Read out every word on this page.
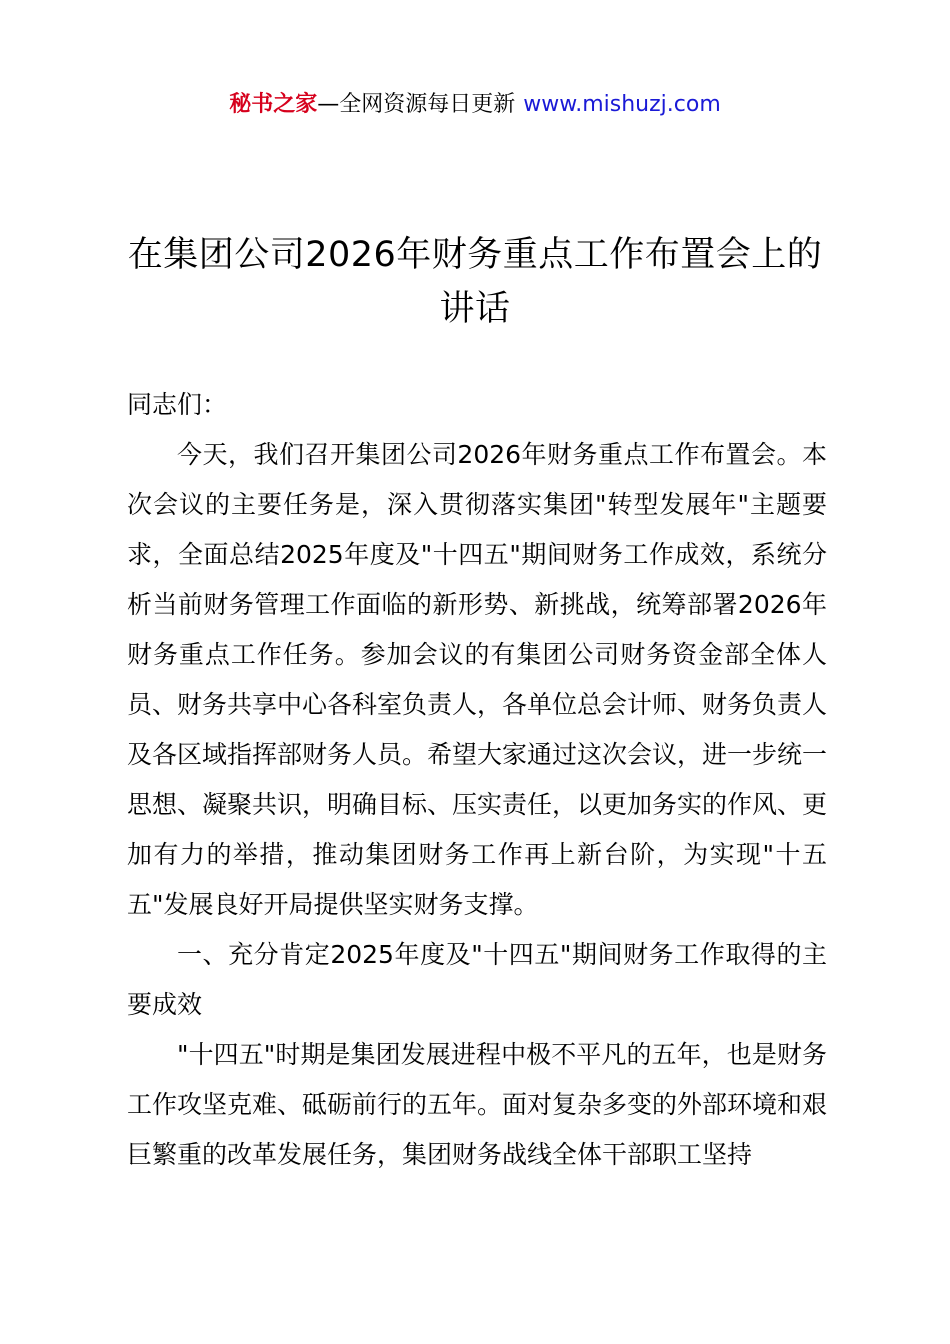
秘书之家—全网资源每日更新 www.mishuzj.com
在集团公司2026年财务重点工作布置会上的讲话

同志们：

今天，我们召开集团公司2026年财务重点工作布置会。本次会议的主要任务是，深入贯彻落实集团"转型发展年"主题要求，全面总结2025年度及"十四五"期间财务工作成效，系统分析当前财务管理工作面临的新形势、新挑战，统筹部署2026年财务重点工作任务。参加会议的有集团公司财务资金部全体人员、财务共享中心各科室负责人，各单位总会计师、财务负责人及各区域指挥部财务人员。希望大家通过这次会议，进一步统一思想、凝聚共识，明确目标、压实责任，以更加务实的作风、更加有力的举措，推动集团财务工作再上新台阶，为实现"十五五"发展良好开局提供坚实财务支撑。

一、充分肯定2025年度及"十四五"期间财务工作取得的主要成效

"十四五"时期是集团发展进程中极不平凡的五年，也是财务工作攻坚克难、砥砺前行的五年。面对复杂多变的外部环境和艰巨繁重的改革发展任务，集团财务战线全体干部职工坚持
